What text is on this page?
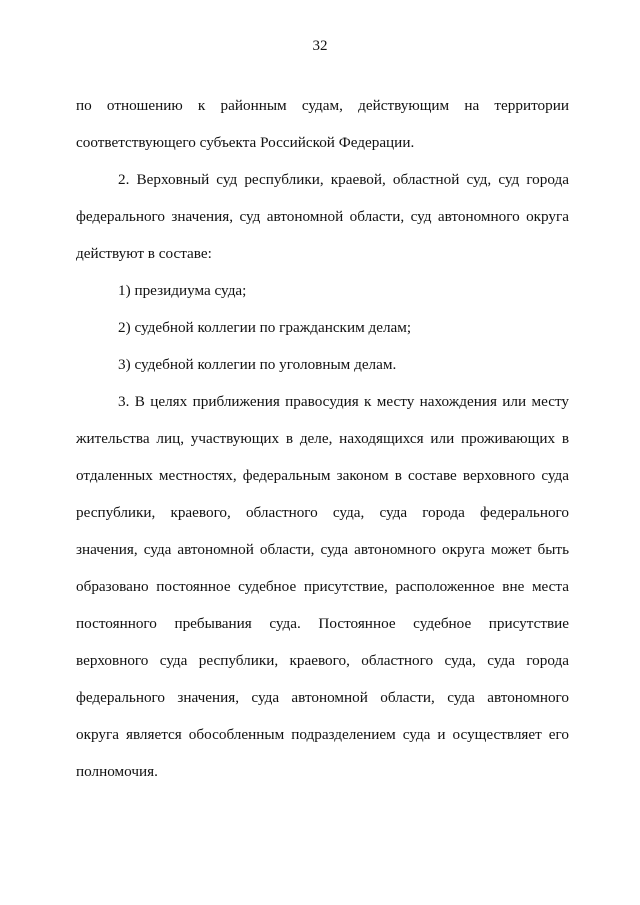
32
по отношению к районным судам, действующим на территории
соответствующего субъекта Российской Федерации.
2. Верховный суд республики, краевой, областной суд, суд города
федерального значения, суд автономной области, суд автономного округа
действуют в составе:
1) президиума суда;
2) судебной коллегии по гражданским делам;
3) судебной коллегии по уголовным делам.
3. В целях приближения правосудия к месту нахождения или месту
жительства лиц, участвующих в деле, находящихся или проживающих в
отдаленных местностях, федеральным законом в составе верховного суда
республики, краевого, областного суда, суда города федерального
значения, суда автономной области, суда автономного округа может быть
образовано постоянное судебное присутствие, расположенное вне места
постоянного пребывания суда. Постоянное судебное присутствие
верховного суда республики, краевого, областного суда, суда города
федерального значения, суда автономной области, суда автономного
округа является обособленным подразделением суда и осуществляет его
полномочия.
